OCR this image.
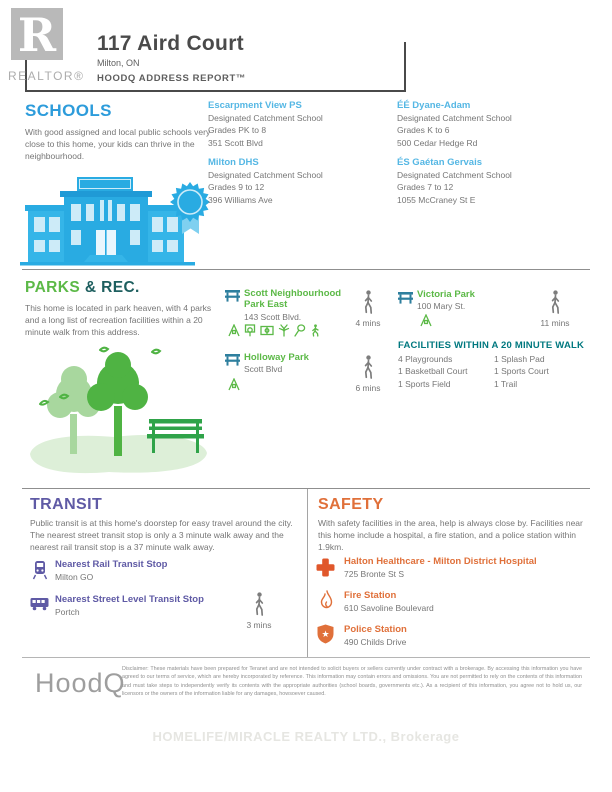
R
REALTOR®
117 Aird Court
Milton, ON
HOODQ ADDRESS REPORT™
SCHOOLS
With good assigned and local public schools very close to this home, your kids can thrive in the neighbourhood.
Escarpment View PS
Designated Catchment School
Grades PK to 8
351 Scott Blvd
Milton DHS
Designated Catchment School
Grades 9 to 12
396 Williams Ave
ÉÉ Dyane-Adam
Designated Catchment School
Grades K to 6
500 Cedar Hedge Rd
ÉS Gaétan Gervais
Designated Catchment School
Grades 7 to 12
1055 McCraney St E
PARKS & REC.
This home is located in park heaven, with 4 parks and a long list of recreation facilities within a 20 minute walk from this address.
Scott Neighbourhood Park East
143 Scott Blvd.
4 mins
Holloway Park
Scott Blvd
6 mins
Victoria Park
100 Mary St.
11 mins
FACILITIES WITHIN A 20 MINUTE WALK
4 Playgrounds
1 Basketball Court
1 Sports Field
1 Splash Pad
1 Sports Court
1 Trail
TRANSIT
Public transit is at this home's doorstep for easy travel around the city. The nearest street transit stop is only a 3 minute walk away and the nearest rail transit stop is a 37 minute walk away.
Nearest Rail Transit Stop
Milton GO
Nearest Street Level Transit Stop
Portch
3 mins
SAFETY
With safety facilities in the area, help is always close by. Facilities near this home include a hospital, a fire station, and a police station within 1.9km.
Halton Healthcare - Milton District Hospital
725 Bronte St S
Fire Station
610 Savoline Boulevard
★ Police Station
490 Childs Drive
HoodQ
Disclaimer: These materials have been prepared for Teranet and are not intended to solicit buyers or sellers currently under contract with a brokerage. By accessing this information you have agreed to our terms of service, which are hereby incorporated by reference. This information may contain errors and omissions. You are not permitted to rely on the contents of this information and must take steps to independently verify its contents with the appropriate authorities (school boards, governments etc.). As a recipient of this information, you agree not to hold us, our licensors or the owners of the information liable for any damages, howsoever caused.
HOMELIFE/MIRACLE REALTY LTD., Brokerage
